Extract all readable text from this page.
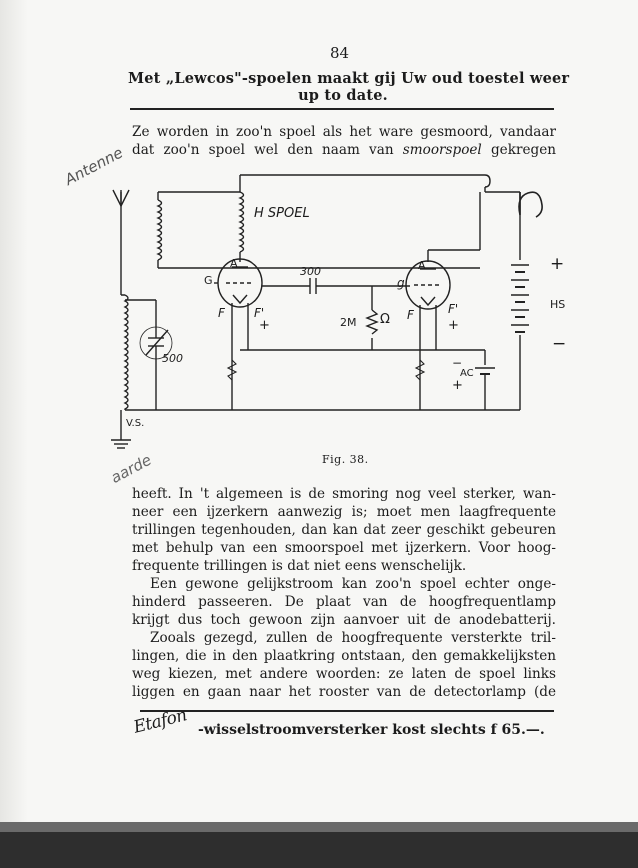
84
Met „Lewcos"-spoelen maakt gij Uw oud toestel weer
up to date.
Ze worden in zoo'n spoel als het ware gesmoord, vandaar
dat zoo'n spoel wel den naam van smoorspoel gekregen
Antenne
H SPOEL
A
G
F F'
+
300
2M Ω
A
g
F	F'
+
500	−
AC
+
+
HS
−
V.S.
aarde	Fig. 38.
heeft. In 't algemeen is de smoring nog veel sterker, wan-
neer een ijzerkern aanwezig is; moet men laagfrequente
trillingen tegenhouden, dan kan dat zeer geschikt gebeuren
met behulp van een smoorspoel met ijzerkern. Voor hoog-
frequente trillingen is dat niet eens wenschelijk.
Een gewone gelijkstroom kan zoo'n spoel echter onge-
hinderd passeeren. De plaat van de hoogfrequentlamp
krijgt dus toch gewoon zijn aanvoer uit de anodebatterij.
Zooals gezegd, zullen de hoogfrequente versterkte tril-
lingen, die in den plaatkring ontstaan, den gemakkelijksten
weg kiezen, met andere woorden: ze laten de spoel links
liggen en gaan naar het rooster van de detectorlamp (de
Etafon -wisselstroomversterker kost slechts f 65.—.
